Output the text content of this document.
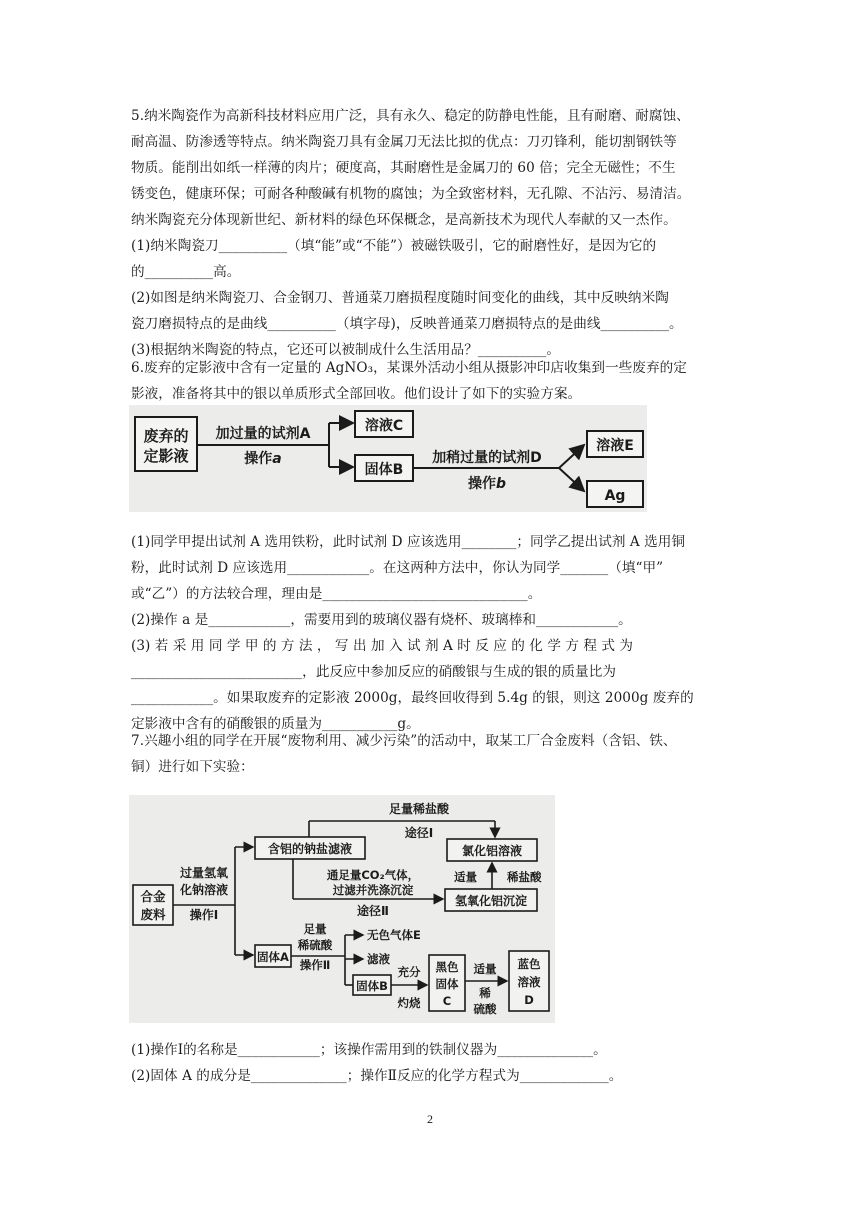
5.纳米陶瓷作为高新科技材料应用广泛，具有永久、稳定的防静电性能，且有耐磨、耐腐蚀、
耐高温、防渗透等特点。纳米陶瓷刀具有金属刀无法比拟的优点：刀刃锋利，能切割钢铁等
物质。能削出如纸一样薄的肉片；硬度高，其耐磨性是金属刀的 60 倍；完全无磁性；不生
锈变色，健康环保；可耐各种酸碱有机物的腐蚀；为全致密材料，无孔隙、不沾污、易清洁。
纳米陶瓷充分体现新世纪、新材料的绿色环保概念，是高新技术为现代人奉献的又一杰作。
(1)纳米陶瓷刀__________（填“能”或“不能”）被磁铁吸引，它的耐磨性好，是因为它的
的__________高。
(2)如图是纳米陶瓷刀、合金钢刀、普通菜刀磨损程度随时间变化的曲线，其中反映纳米陶
瓷刀磨损特点的是曲线__________（填字母)，反映普通菜刀磨损特点的是曲线__________。
(3)根据纳米陶瓷的特点，它还可以被制成什么生活用品？__________。
6.废弃的定影液中含有一定量的 AgNO₃，某课外活动小组从摄影冲印店收集到一些废弃的定
影液，准备将其中的银以单质形式全部回收。他们设计了如下的实验方案。
废弃的
定影液
加过量的试剂A
操作a
溶液C
固体B
加稍过量的试剂D
操作b
溶液E
Ag
(1)同学甲提出试剂 A 选用铁粉，此时试剂 D 应该选用________；同学乙提出试剂 A 选用铜
粉，此时试剂 D 应该选用____________。在这两种方法中，你认为同学_______（填“甲”
或“乙”）的方法较合理，理由是______________________________。
(2)操作 a 是____________，需要用到的玻璃仪器有烧杯、玻璃棒和____________。
(3) 若 采 用 同 学 甲 的 方 法 ， 写 出 加 入 试 剂 A 时 反 应 的 化 学 方 程 式 为
_________________________，此反应中参加反应的硝酸银与生成的银的质量比为
____________。如果取废弃的定影液 2000g，最终回收得到 5.4g 的银，则这 2000g 废弃的
定影液中含有的硝酸银的质量为___________g。
7.兴趣小组的同学在开展“废物利用、减少污染”的活动中，取某工厂合金废料（含铝、铁、
铜）进行如下实验：
合金
废料
过量氢氧
化钠溶液
操作Ⅰ
含铝的钠盐滤液
足量稀盐酸
途径Ⅰ
氯化铝溶液
通足量CO₂气体，
过滤并洗涤沉淀
途径Ⅱ
氢氧化铝沉淀
适量	稀盐酸
固体A
足量
稀硫酸
操作Ⅱ
无色气体E
滤液
固体B
充分
灼烧
黑色
固体
C
适量
稀
硫酸
蓝色
溶液
D
(1)操作Ⅰ的名称是____________；该操作需用到的铁制仪器为______________。
(2)固体 A 的成分是______________；操作Ⅱ反应的化学方程式为_____________。
2
